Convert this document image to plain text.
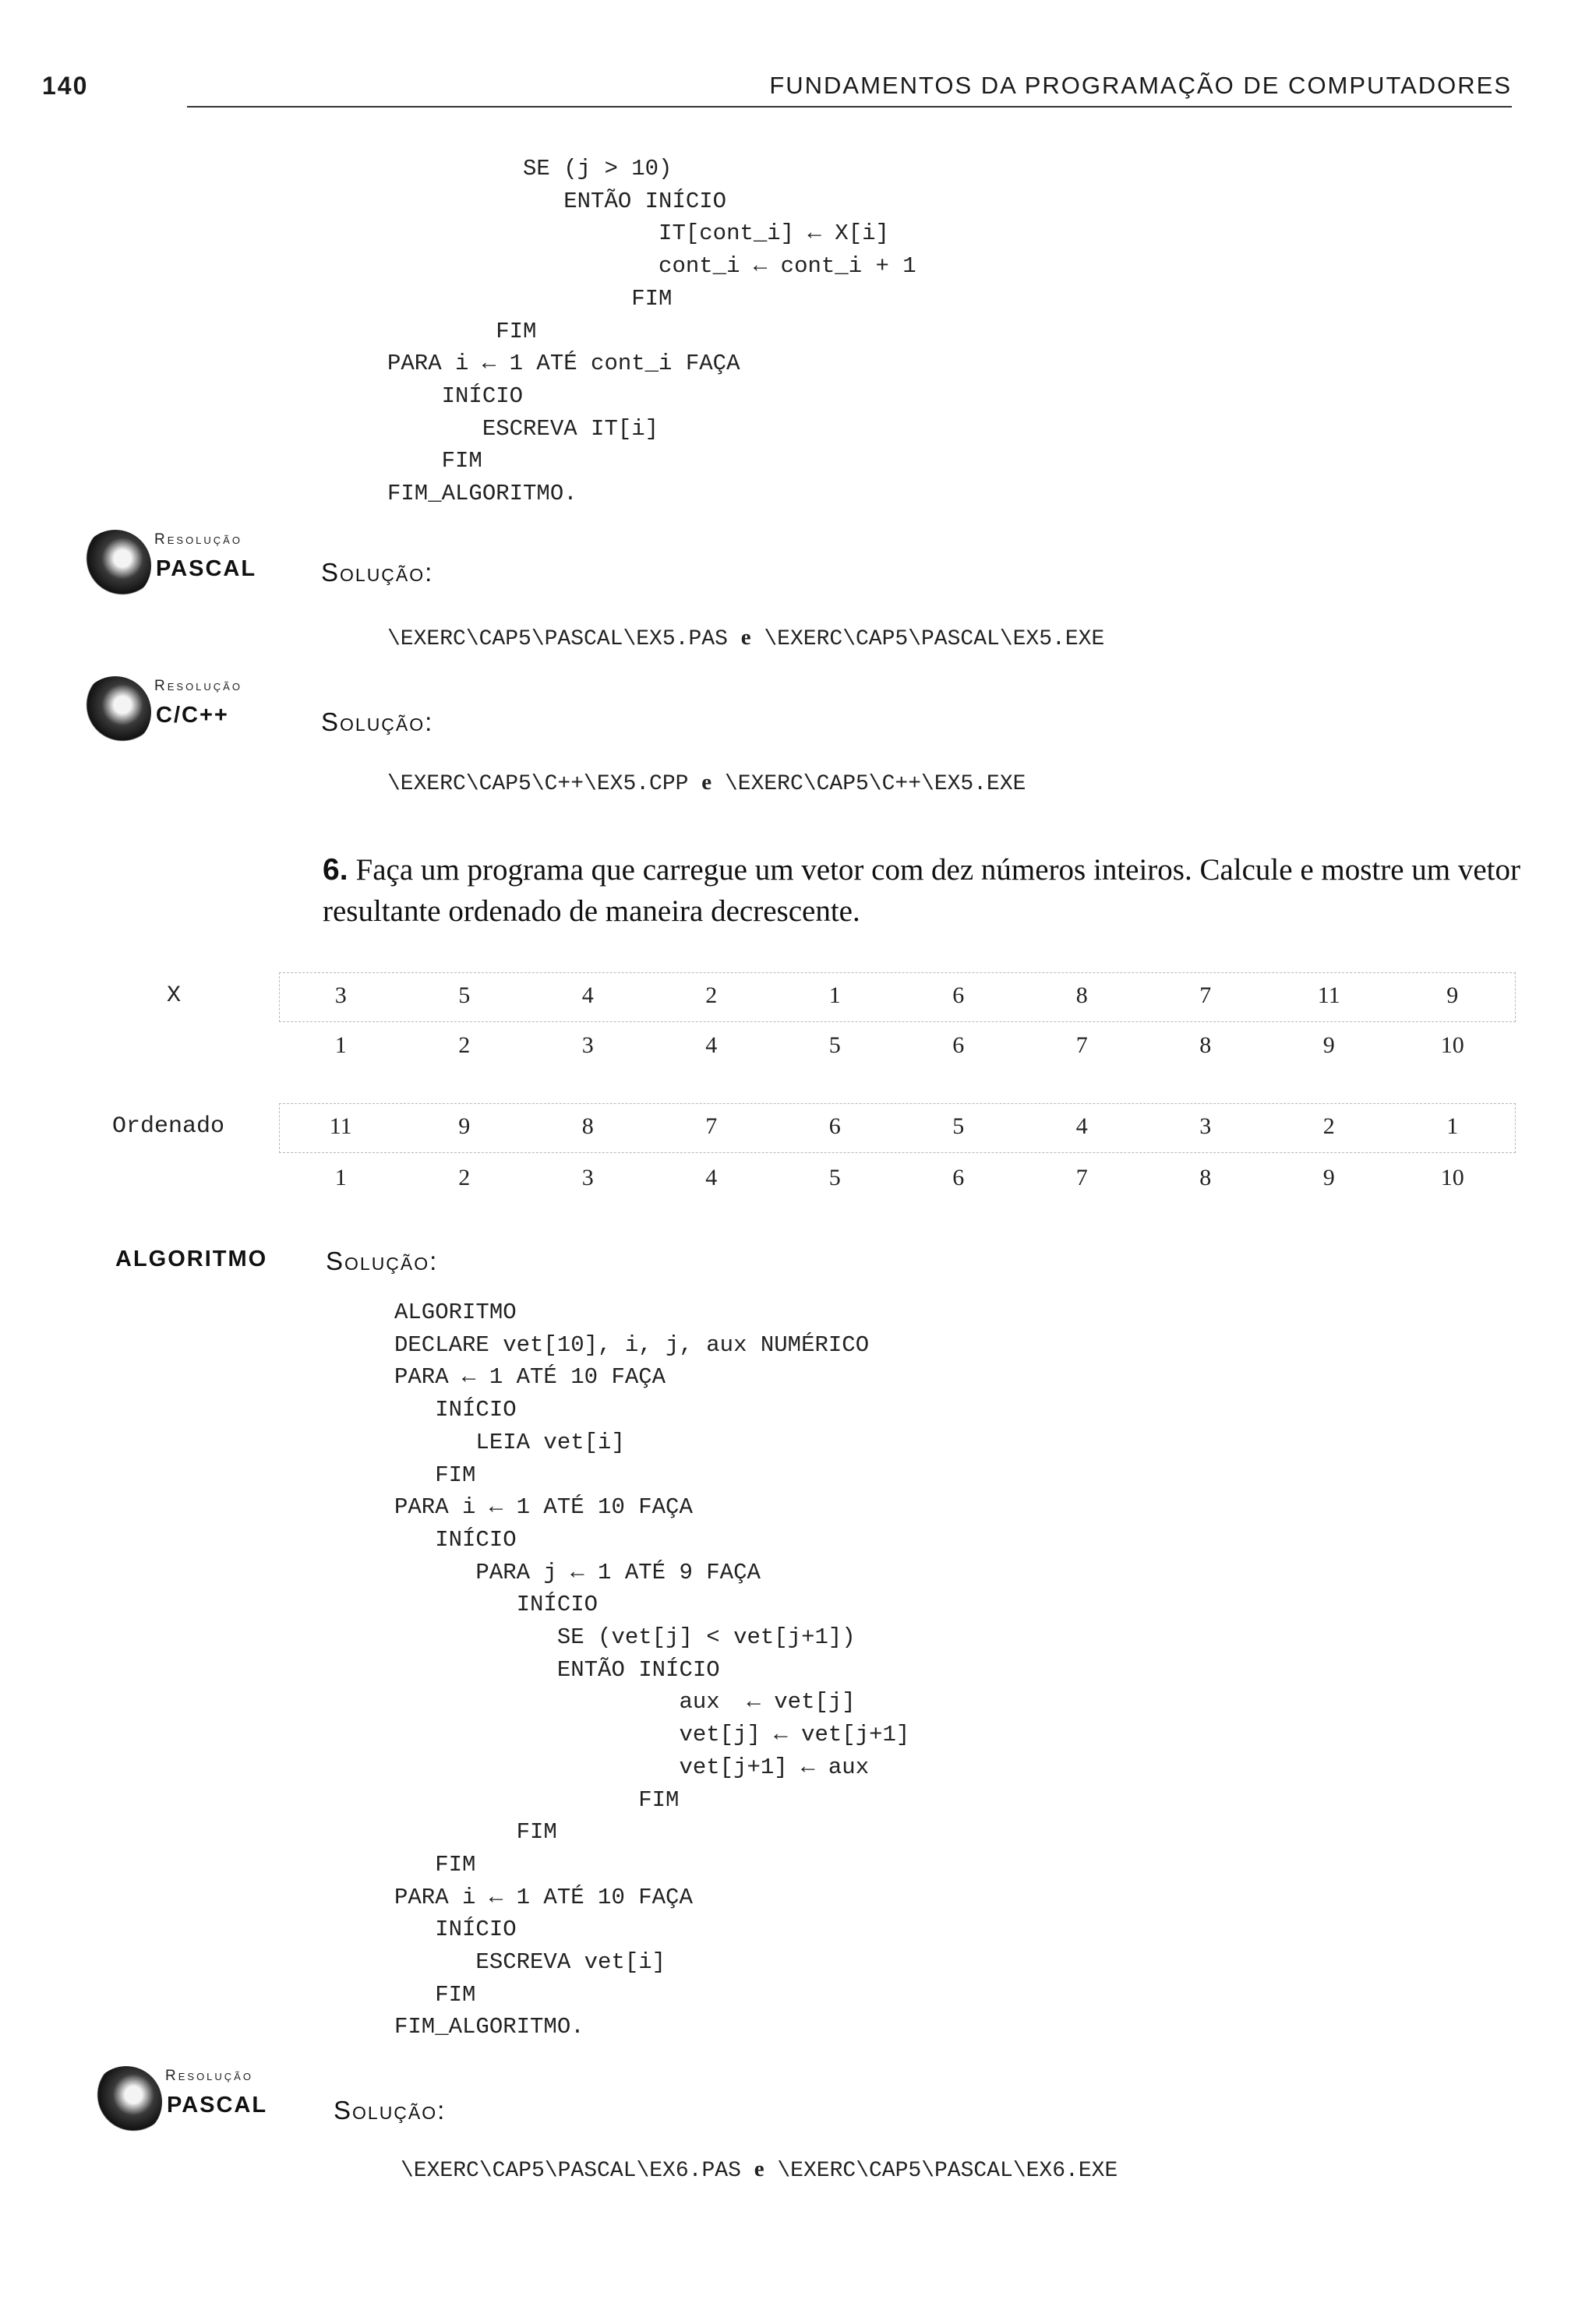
140	FUNDAMENTOS DA PROGRAMAÇÃO DE COMPUTADORES
SE (j > 10)
ENTÃO INÍCIO
IT[cont_i] ← X[i]
cont_i ← cont_i + 1
FIM
FIM
PARA i ← 1 ATÉ cont_i FAÇA
INÍCIO
ESCREVA IT[i]
FIM
FIM_ALGORITMO.
Resolução
PASCAL	Solução:
\EXERC\CAP5\PASCAL\EX5.PAS e \EXERC\CAP5\PASCAL\EX5.EXE
Resolução
C/C++	Solução:
\EXERC\CAP5\C++\EX5.CPP e \EXERC\CAP5\C++\EX5.EXE
6. Faça um programa que carregue um vetor com dez números inteiros. Calcule e mostre um vetor resultante ordenado de maneira decrescente.
X	3	5	4	2	1	6	8	7	11	9
1	2	3	4	5	6	7	8	9	10
Ordenado	11	9	8	7	6	5	4	3	2	1
1	2	3	4	5	6	7	8	9	10
ALGORITMO Solução:
ALGORITMO
DECLARE vet[10], i, j, aux NUMÉRICO
PARA ← 1 ATÉ 10 FAÇA
INÍCIO
LEIA vet[i]
FIM
PARA i ← 1 ATÉ 10 FAÇA
INÍCIO
PARA j ← 1 ATÉ 9 FAÇA
INÍCIO
SE (vet[j] < vet[j+1])
ENTÃO INÍCIO
aux  ← vet[j]
vet[j] ← vet[j+1]
vet[j+1] ← aux
FIM
FIM
FIM
PARA i ← 1 ATÉ 10 FAÇA
INÍCIO
ESCREVA vet[i]
FIM
FIM_ALGORITMO.
Resolução
PASCAL	Solução:
\EXERC\CAP5\PASCAL\EX6.PAS e \EXERC\CAP5\PASCAL\EX6.EXE
